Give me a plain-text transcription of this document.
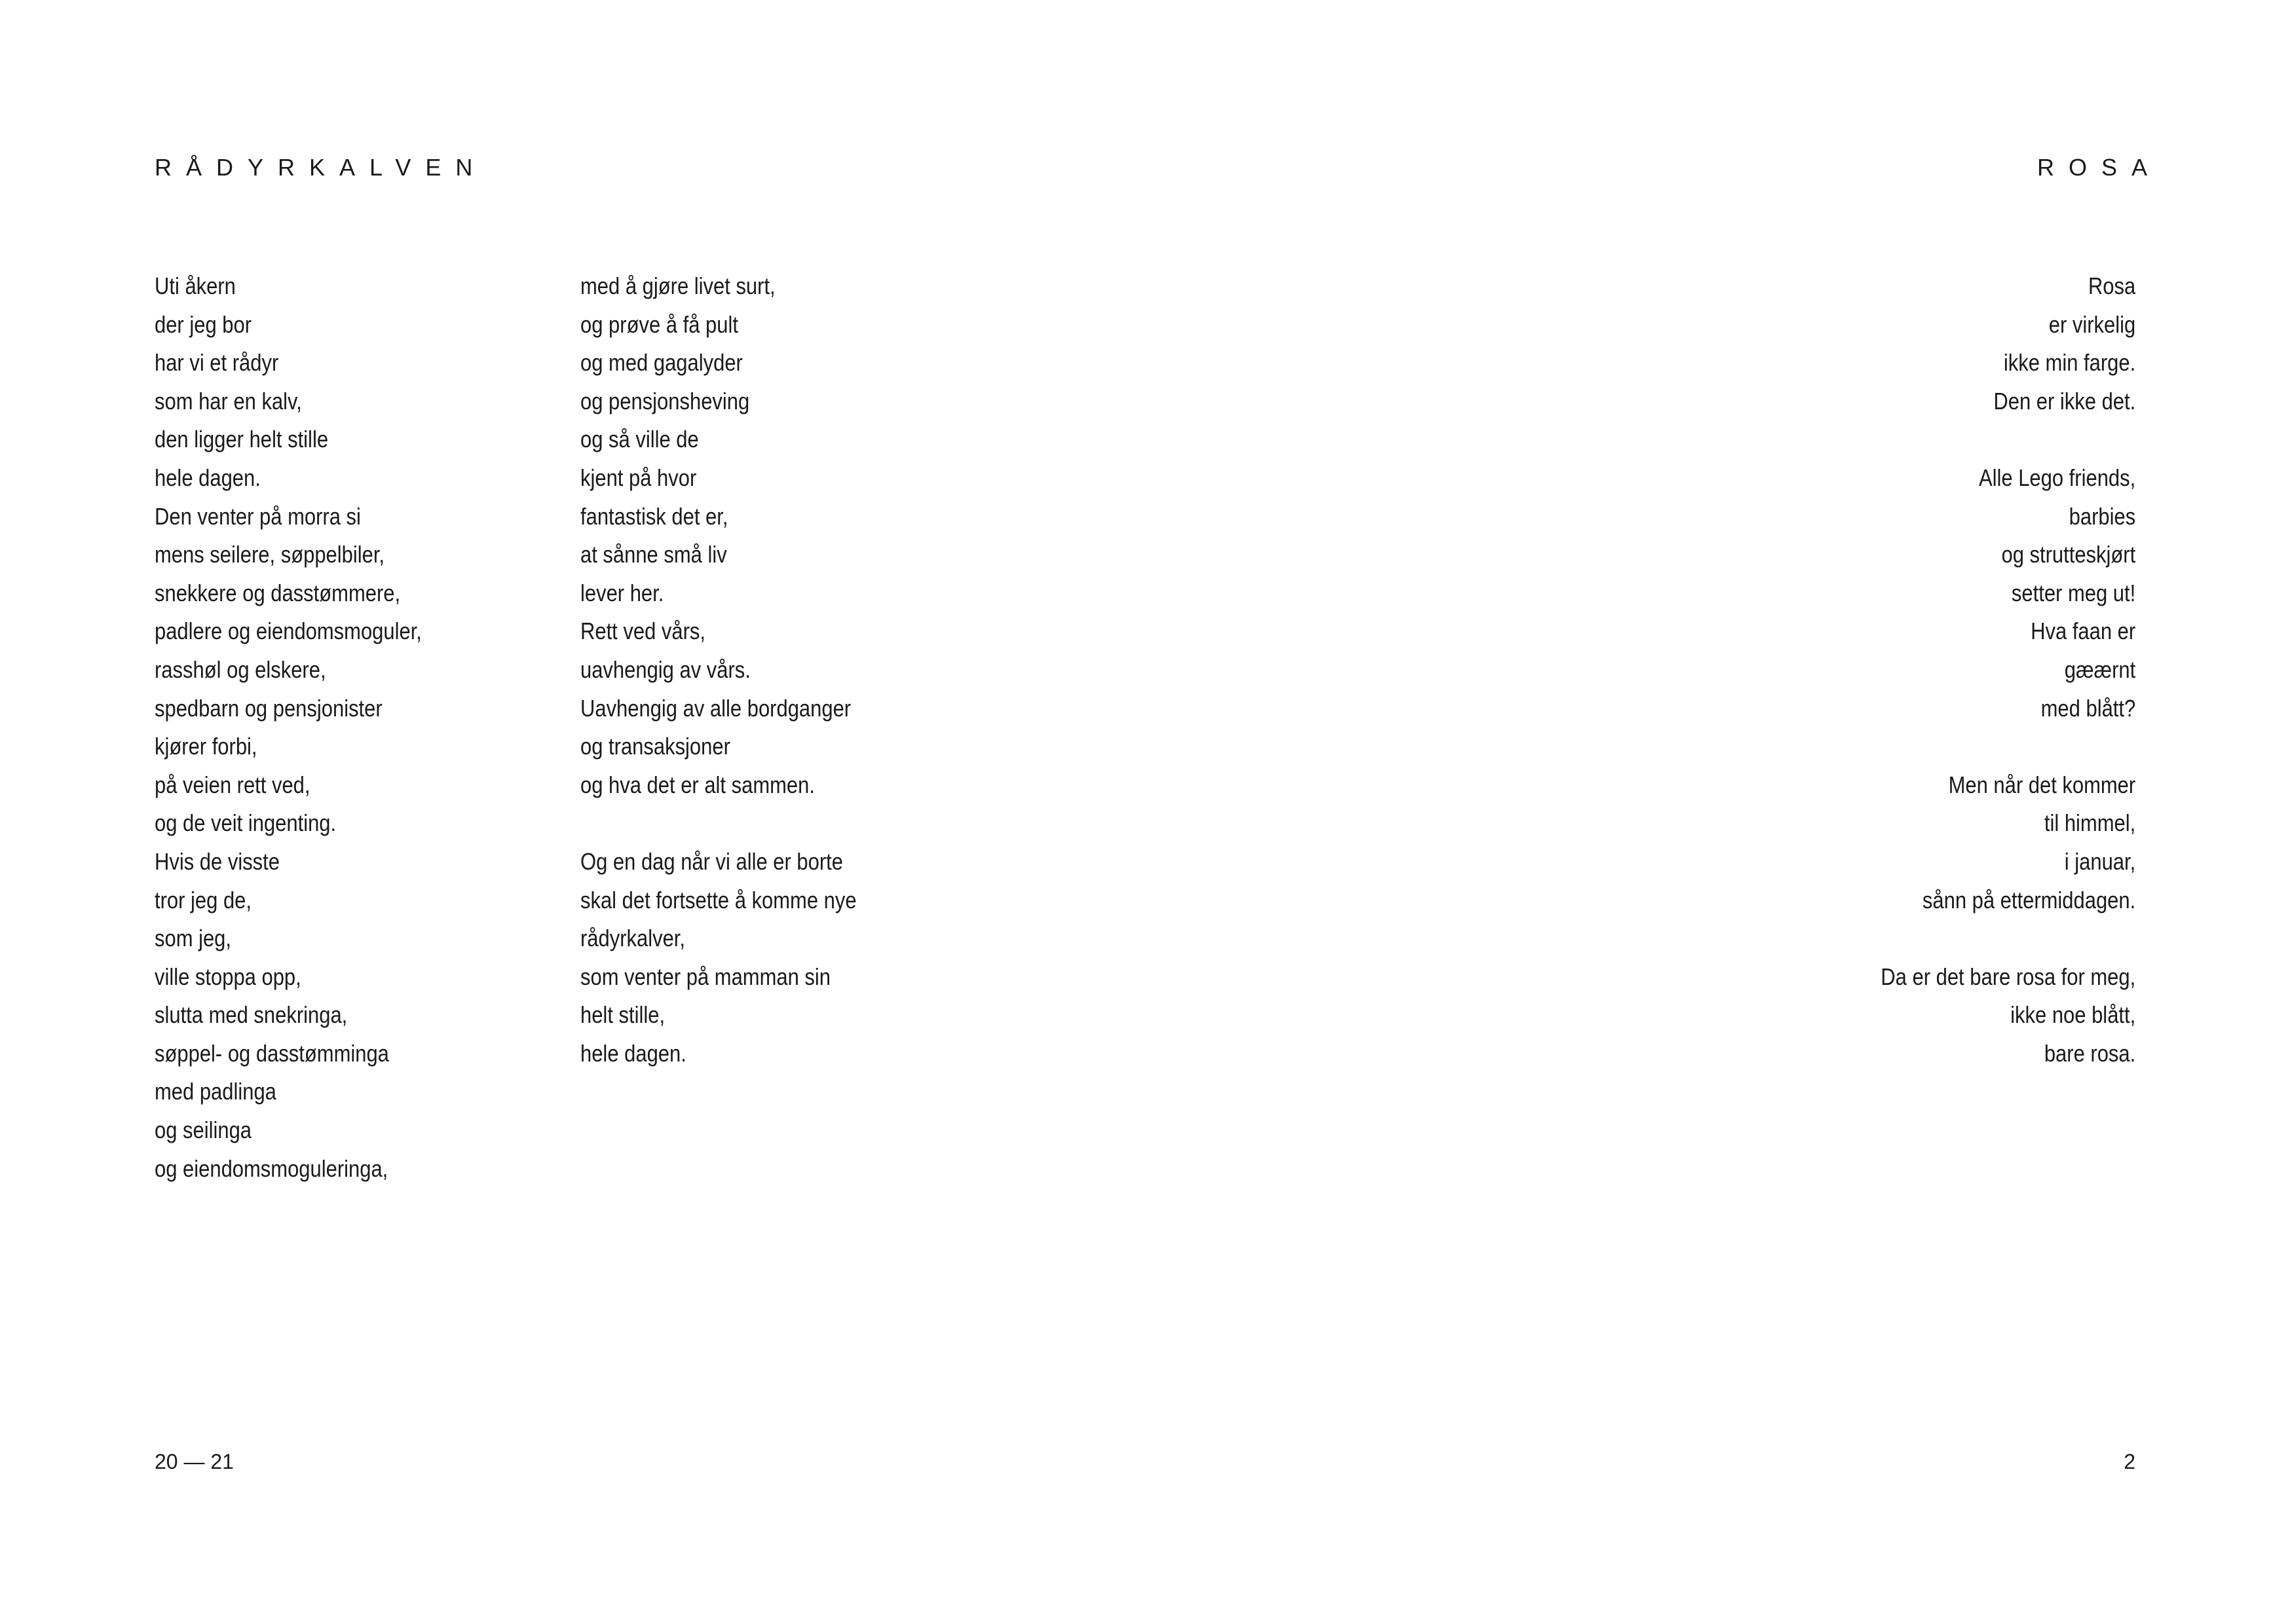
RÅDYRKALVEN	ROSA
Uti åkern
der jeg bor
har vi et rådyr
som har en kalv,
den ligger helt stille
hele dagen.
Den venter på morra si
mens seilere, søppelbiler,
snekkere og dasstømmere,
padlere og eiendomsmoguler,
rasshøl og elskere,
spedbarn og pensjonister
kjører forbi,
på veien rett ved,
og de veit ingenting.
Hvis de visste
tror jeg de,
som jeg,
ville stoppa opp,
slutta med snekringa,
søppel- og dasstømminga
med padlinga
og seilinga
og eiendomsmoguleringa,
med å gjøre livet surt,
og prøve å få pult
og med gagalyder
og pensjonsheving
og så ville de
kjent på hvor
fantastisk det er,
at sånne små liv
lever her.
Rett ved vårs,
uavhengig av vårs.
Uavhengig av alle bordganger
og transaksjoner
og hva det er alt sammen.
Og en dag når vi alle er borte
skal det fortsette å komme nye
rådyrkalver,
som venter på mamman sin
helt stille,
hele dagen.
Rosa
er virkelig
ikke min farge.
Den er ikke det.
Alle Lego friends,
barbies
og strutteskjørt
setter meg ut!
Hva faan er
gæærnt
med blått?
Men når det kommer
til himmel,
i januar,
sånn på ettermiddagen.
Da er det bare rosa for meg,
ikke noe blått,
bare rosa.
20 — 21	2
